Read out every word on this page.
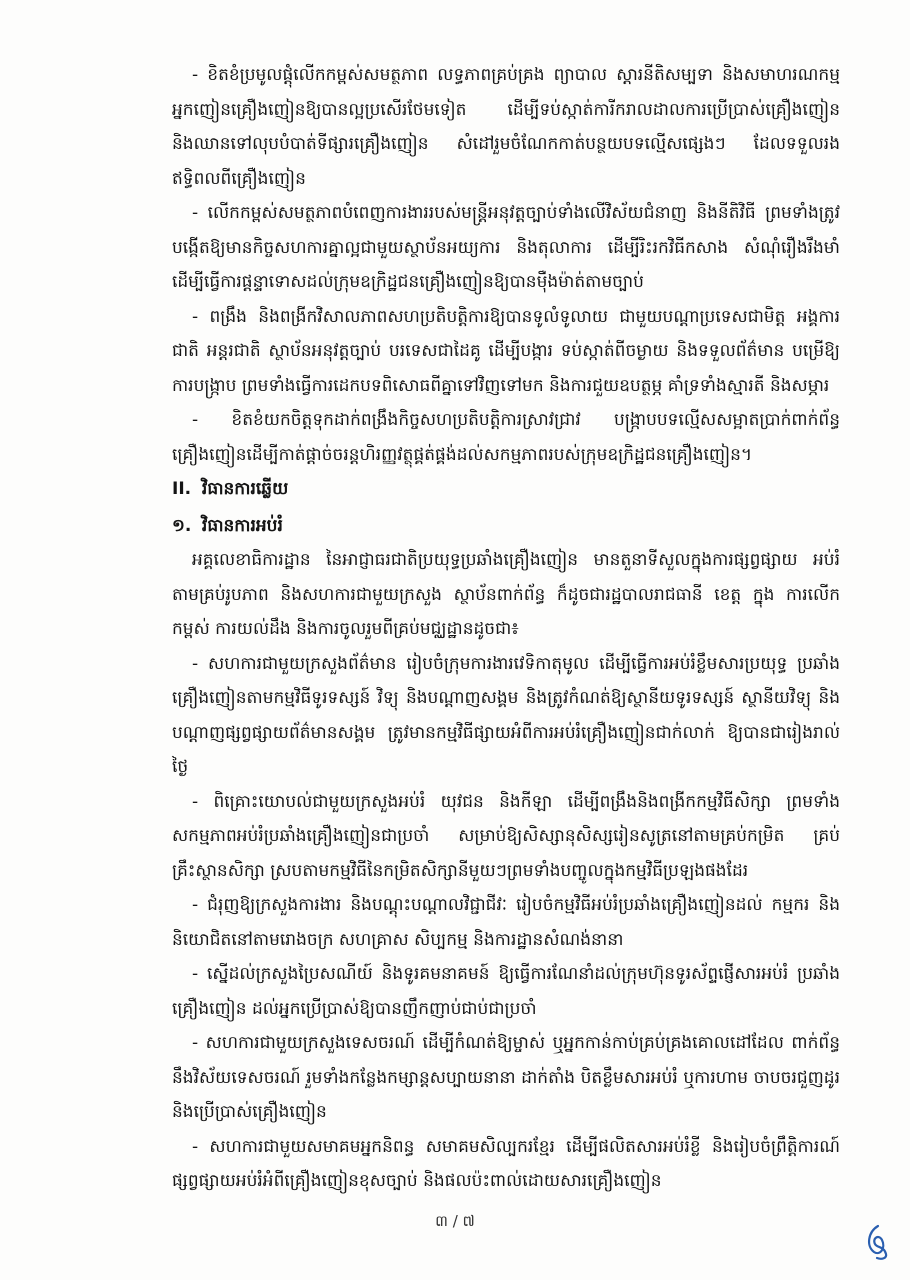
- ខិតខំប្រមូលផ្តុំលើកកម្ពស់សមត្ថភាព លទ្ធភាពគ្រប់គ្រង ព្យាបាល ស្តារនីតិសម្បទា និងសមាហរណកម្ម អ្នកញៀនគ្រឿងញៀនឱ្យបានល្អប្រសើរថែមទៀត ដើម្បីទប់ស្កាត់ការីករាលដាលការប្រើប្រាស់គ្រឿងញៀន និងឈានទៅលុបបំបាត់ទីផ្សារគ្រឿងញៀន សំដៅរួមចំណែកកាត់បន្ថយបទល្មើសផ្សេងៗ ដែលទទួលរង ឥទ្ធិពលពីគ្រឿងញៀន

- លើកកម្ពស់សមត្ថភាពបំពេញការងាររបស់មន្ត្រីអនុវត្តច្បាប់ទាំងលើវិស័យជំនាញ និងនីតិវិធី ព្រមទាំងត្រូវបង្កើតឱ្យមានកិច្ចសហការគ្នាល្អជាមួយស្ថាប័នអយ្យការ និងតុលាការ ដើម្បីរិះរកវិធីកសាង សំណុំរឿងរឹងមាំ ដើម្បីធ្វើការផ្តន្ទាទោសដល់ក្រុមឧក្រិដ្ឋជនគ្រឿងញៀនឱ្យបានម៉ឺងម៉ាត់តាមច្បាប់

- ពង្រឹង និងពង្រីកវិសាលភាពសហប្រតិបត្តិការឱ្យបានទូលំទូលាយ ជាមួយបណ្តាប្រទេសជាមិត្ត អង្គការជាតិ អន្តរជាតិ ស្ថាប័នអនុវត្តច្បាប់ បរទេសជាដៃគូ ដើម្បីបង្ការ ទប់ស្កាត់ពីចម្ងាយ និងទទួលព័ត៌មាន បម្រើឱ្យការបង្ក្រាប ព្រមទាំងធ្វើការដេកបទពិសោធពីគ្នាទៅវិញទៅមក និងការជួយឧបត្ថម្ភ គាំទ្រទាំងស្មារតី និងសម្ភារ

- ខិតខំយកចិត្តទុកដាក់ពង្រឹងកិច្ចសហប្រតិបត្តិការស្រាវជ្រាវ បង្ក្រាបបទល្មើសសម្អាតប្រាក់ពាក់ព័ន្ធ គ្រឿងញៀនដើម្បីកាត់ផ្តាច់ចរន្តហិរញ្ញវត្ថុផ្គត់ផ្គង់ដល់សកម្មភាពរបស់ក្រុមឧក្រិដ្ឋជនគ្រឿងញៀន។

II. វិធានការឆ្លើយ

១. វិធានការអប់រំ

អគ្គលេខាធិការដ្ឋាន នៃអាជ្ញាធរជាតិប្រយុទ្ធប្រឆាំងគ្រឿងញៀន មានតួនាទីសួលក្នុងការផ្សព្វផ្សាយ អប់រំ តាមគ្រប់រូបភាព និងសហការជាមួយក្រសួង ស្ថាប័នពាក់ព័ន្ធ ក៏ដូចជារដ្ឋបាលរាជធានី ខេត្ត ក្នុង ការលើកកម្ពស់ ការយល់ដឹង និងការចូលរួមពីគ្រប់មជ្ឈដ្ឋានដូចជា៖

- សហការជាមួយក្រសួងព័ត៌មាន រៀបចំក្រុមការងារវេទិកាតុមូល ដើម្បីធ្វើការអប់រំខ្លឹមសារប្រយុទ្ធ ប្រឆាំងគ្រឿងញៀនតាមកម្មវិធីទូរទស្សន៍ វិទ្យុ និងបណ្តាញសង្គម និងត្រូវកំណត់ឱ្យស្ថានីយទូរទស្សន៍ ស្ថានីយវិទ្យុ និងបណ្តាញផ្សព្វផ្សាយព័ត៌មានសង្គម ត្រូវមានកម្មវិធីផ្សាយអំពីការអប់រំគ្រឿងញៀនជាក់លាក់ ឱ្យបានជារៀងរាល់ថ្ងៃ

- ពិគ្រោះយោបល់ជាមួយក្រសួងអប់រំ យុវជន និងកីឡា ដើម្បីពង្រឹងនិងពង្រីកកម្មវិធីសិក្សា ព្រមទាំង សកម្មភាពអប់រំប្រឆាំងគ្រឿងញៀនជាប្រចាំ សម្រាប់ឱ្យសិស្សានុសិស្សរៀនសូត្រនៅតាមគ្រប់កម្រិត គ្រប់គ្រឹះស្ថានសិក្សា ស្របតាមកម្មវិធីនៃកម្រិតសិក្សានីមួយៗព្រមទាំងបញ្ចូលក្នុងកម្មវិធីប្រឡងផងដែរ

- ជំរុញឱ្យក្រសួងការងារ និងបណ្តុះបណ្តាលវិជ្ជាជីវៈ រៀបចំកម្មវិធីអប់រំប្រឆាំងគ្រឿងញៀនដល់ កម្មករ និងនិយោជិតនៅតាមរោងចក្រ សហគ្រាស សិប្បកម្ម និងការដ្ឋានសំណង់នានា

- ស្នើដល់ក្រសួងប្រៃសណីយ៍ និងទូរគមនាគមន៍ ឱ្យធ្វើការណែនាំដល់ក្រុមហ៊ុនទូរស័ព្ទផ្ញើសារអប់រំ ប្រឆាំងគ្រឿងញៀន ដល់អ្នកប្រើប្រាស់ឱ្យបានញឹកញាប់ជាប់ជាប្រចាំ

- សហការជាមួយក្រសួងទេសចរណ៍ ដើម្បីកំណត់ឱ្យម្ចាស់ ឬអ្នកកាន់កាប់គ្រប់គ្រងគោលដៅដែល ពាក់ព័ន្ធនឹងវិស័យទេសចរណ៍ រួមទាំងកន្លែងកម្សាន្តសប្បាយនានា ដាក់តាំង បិតខ្លឹមសារអប់រំ ឬការហាម ចាបចរជួញដូរ និងប្រើប្រាស់គ្រឿងញៀន

- សហការជាមួយសមាគមអ្នកនិពន្ធ សមាគមសិល្បករខ្មែរ ដើម្បីផលិតសារអប់រំខ្លី និងរៀបចំព្រឹត្តិការណ៍ ផ្សព្វផ្សាយអប់រំអំពីគ្រឿងញៀនខុសច្បាប់ និងផលប៉ះពាល់ដោយសារគ្រឿងញៀន

៣ / ៧
